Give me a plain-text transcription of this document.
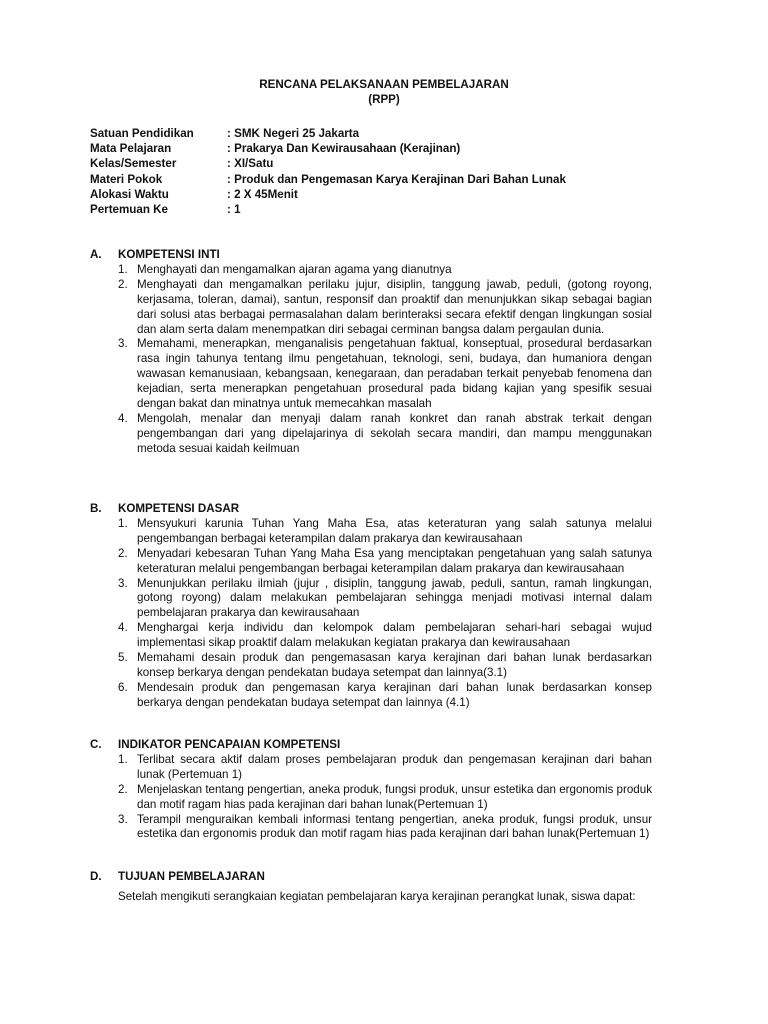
RENCANA PELAKSANAAN PEMBELAJARAN
(RPP)
Satuan Pendidikan	: SMK Negeri 25 Jakarta
Mata Pelajaran	: Prakarya Dan Kewirausahaan (Kerajinan)
Kelas/Semester	: XI/Satu
Materi Pokok	: Produk dan Pengemasan Karya Kerajinan Dari Bahan Lunak
Alokasi Waktu	: 2 X 45Menit
Pertemuan Ke	: 1
A.	KOMPETENSI INTI
1. Menghayati dan mengamalkan ajaran agama yang dianutnya
2. Menghayati dan mengamalkan perilaku jujur, disiplin, tanggung jawab, peduli, (gotong royong, kerjasama, toleran, damai), santun, responsif dan proaktif dan menunjukkan sikap sebagai bagian dari solusi atas berbagai permasalahan dalam berinteraksi secara efektif dengan lingkungan sosial dan alam serta dalam menempatkan diri sebagai cerminan bangsa dalam pergaulan dunia.
3. Memahami, menerapkan, menganalisis pengetahuan faktual, konseptual, prosedural berdasarkan rasa ingin tahunya tentang ilmu pengetahuan, teknologi, seni, budaya, dan humaniora dengan wawasan kemanusiaan, kebangsaan, kenegaraan, dan peradaban terkait penyebab fenomena dan kejadian, serta menerapkan pengetahuan prosedural pada bidang kajian yang spesifik sesuai dengan bakat dan minatnya untuk memecahkan masalah
4. Mengolah, menalar dan menyaji dalam ranah konkret dan ranah abstrak terkait dengan pengembangan dari yang dipelajarinya di sekolah secara mandiri, dan mampu menggunakan metoda sesuai kaidah keilmuan
B.	KOMPETENSI DASAR
1. Mensyukuri karunia Tuhan Yang Maha Esa, atas keteraturan yang salah satunya melalui pengembangan berbagai keterampilan dalam prakarya dan kewirausahaan
2. Menyadari kebesaran Tuhan Yang Maha Esa yang menciptakan pengetahuan yang salah satunya keteraturan melalui pengembangan berbagai keterampilan dalam prakarya dan kewirausahaan
3. Menunjukkan perilaku ilmiah (jujur , disiplin, tanggung jawab, peduli, santun, ramah lingkungan, gotong royong) dalam melakukan pembelajaran sehingga menjadi motivasi internal dalam pembelajaran prakarya dan kewirausahaan
4. Menghargai kerja individu dan kelompok dalam pembelajaran sehari-hari sebagai wujud implementasi sikap proaktif dalam melakukan kegiatan prakarya dan kewirausahaan
5. Memahami desain produk dan pengemasasan karya kerajinan dari bahan lunak berdasarkan konsep berkarya dengan pendekatan budaya setempat dan lainnya(3.1)
6. Mendesain produk dan pengemasan karya kerajinan dari bahan lunak berdasarkan konsep berkarya dengan pendekatan budaya setempat dan lainnya (4.1)
C.	INDIKATOR PENCAPAIAN KOMPETENSI
1. Terlibat secara aktif dalam proses pembelajaran produk dan pengemasan kerajinan dari bahan lunak (Pertemuan 1)
2. Menjelaskan tentang pengertian, aneka produk, fungsi produk, unsur estetika dan ergonomis produk dan motif ragam hias pada kerajinan dari bahan lunak(Pertemuan 1)
3. Terampil menguraikan kembali informasi tentang pengertian, aneka produk, fungsi produk, unsur estetika dan ergonomis produk dan motif ragam hias pada kerajinan dari bahan lunak(Pertemuan 1)
D.	TUJUAN PEMBELAJARAN
Setelah mengikuti serangkaian kegiatan pembelajaran karya kerajinan perangkat lunak, siswa dapat:
